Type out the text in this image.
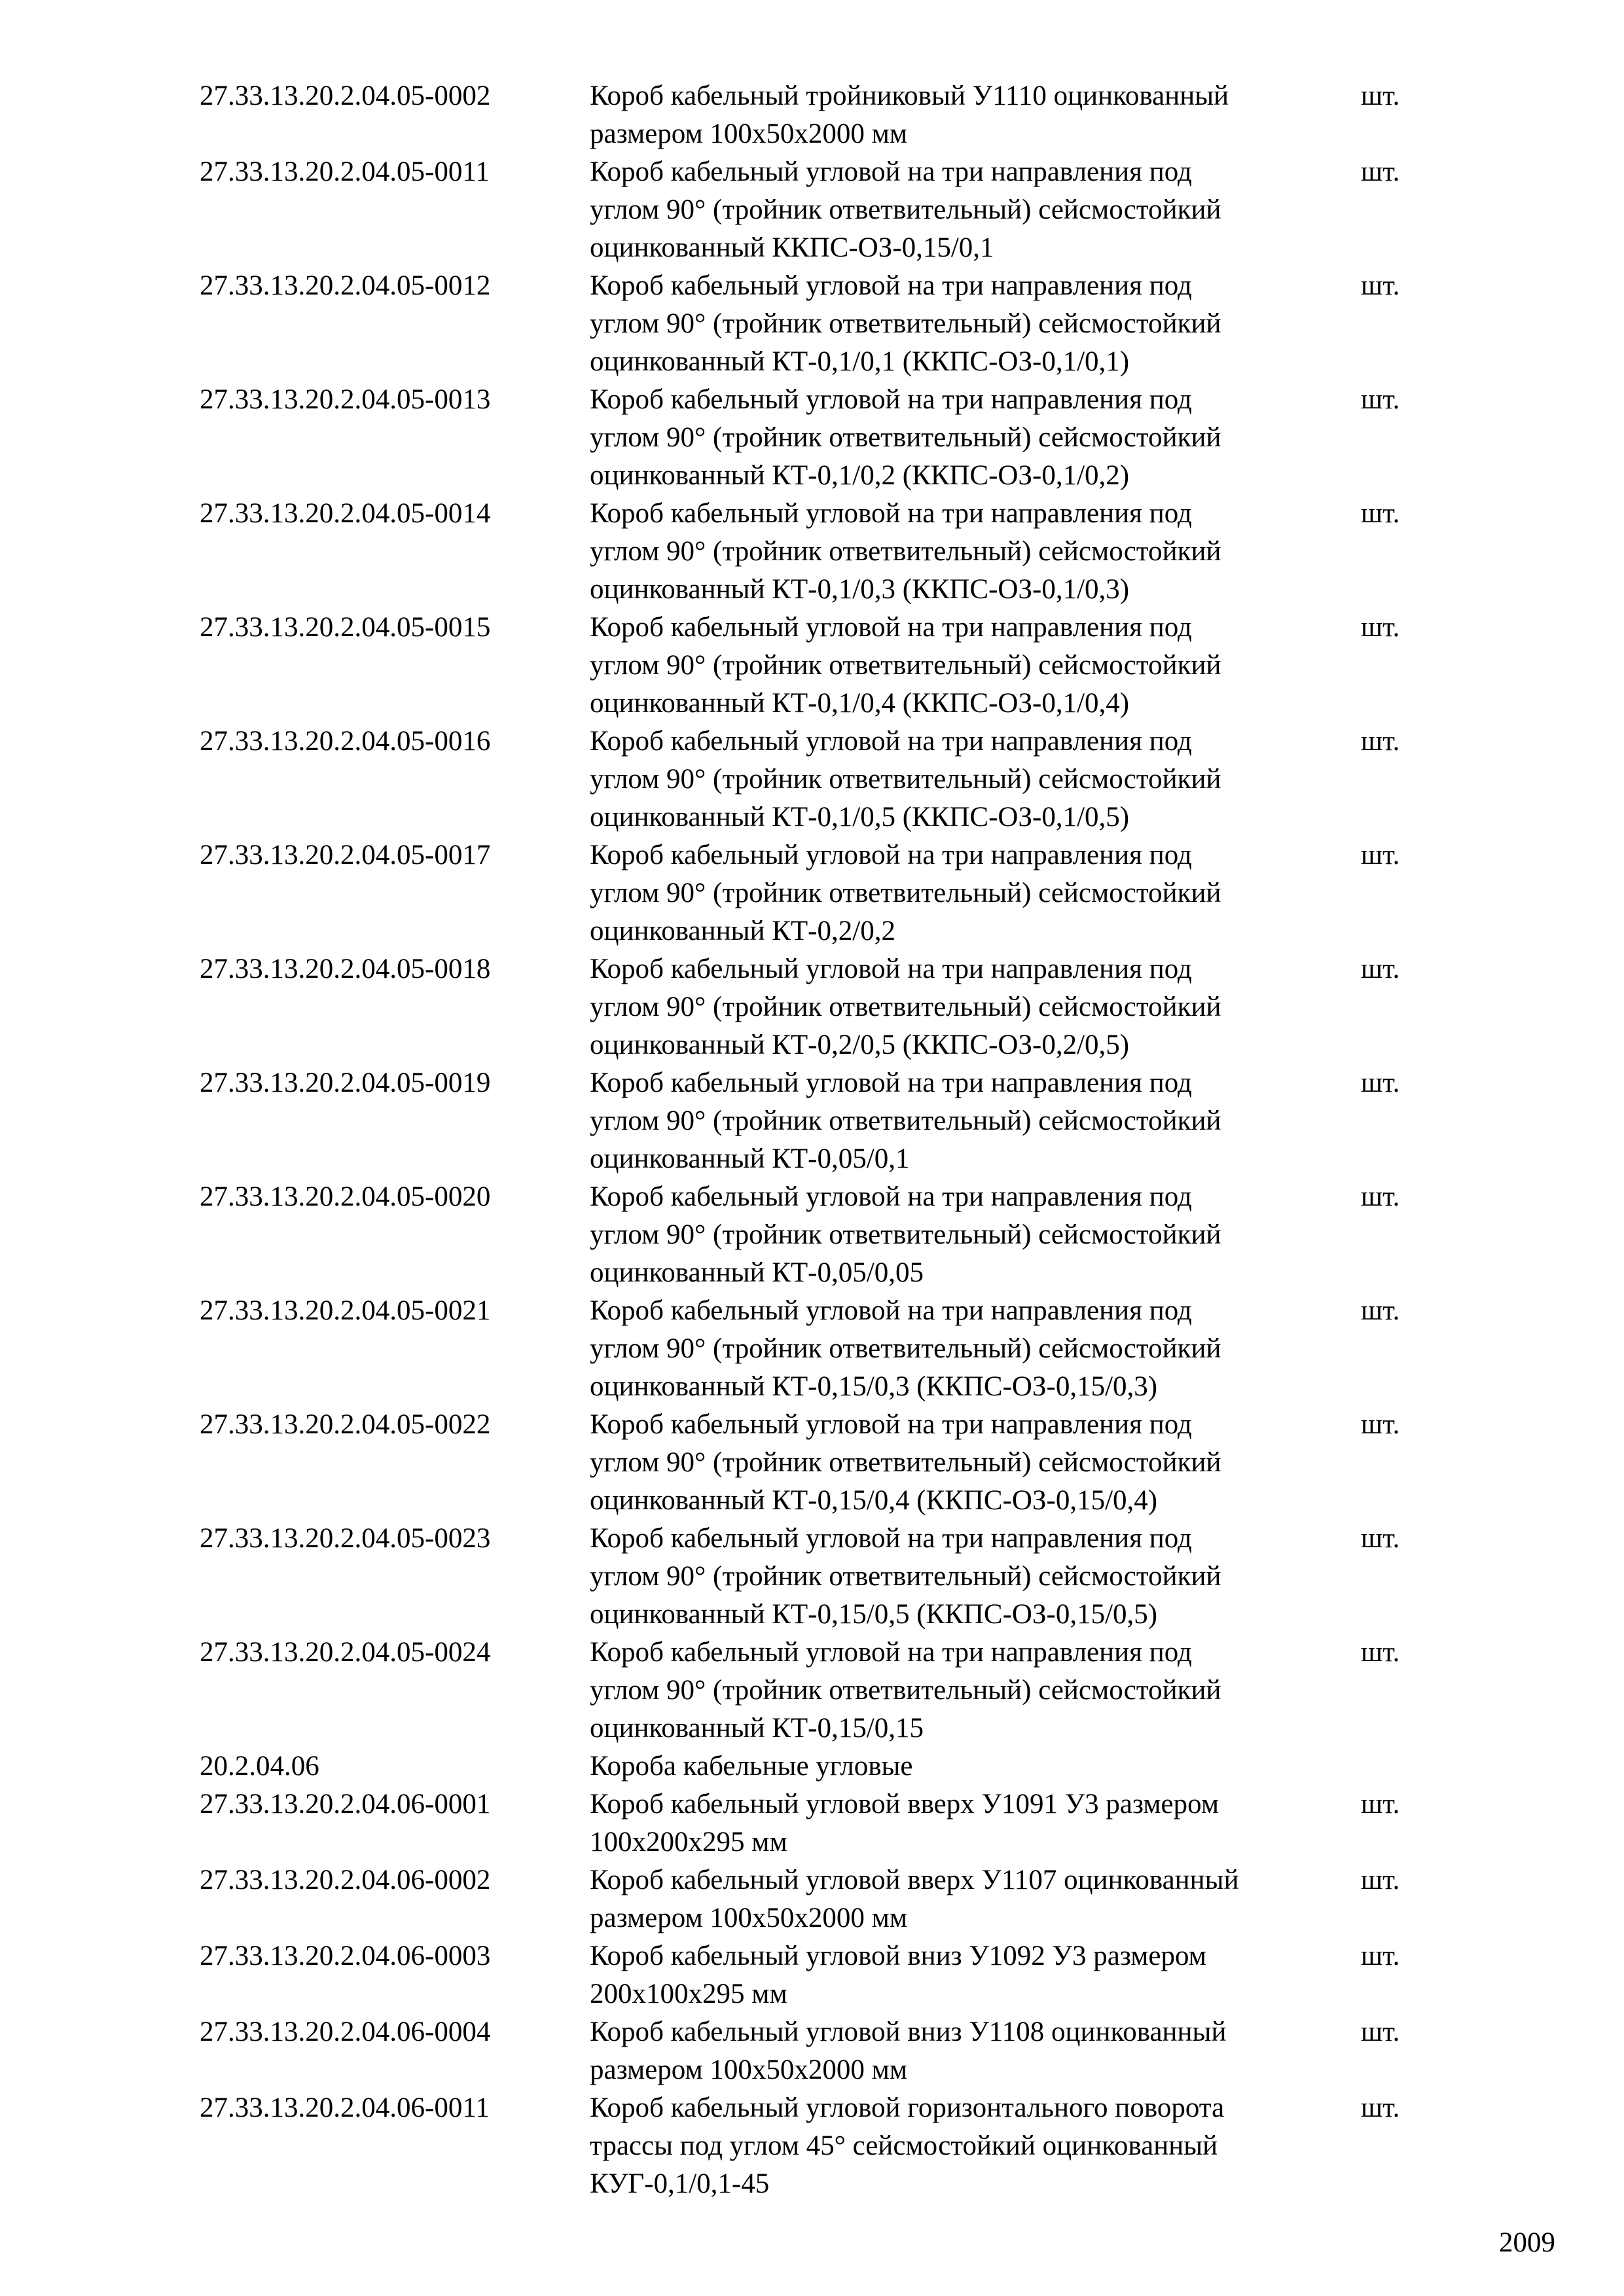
27.33.13.20.2.04.05-0002	Короб кабельный тройниковый У1110 оцинкованный
размером 100х50х2000 мм
шт.
27.33.13.20.2.04.05-0011	Короб кабельный угловой на три направления под
углом 90° (тройник ответвительный) сейсмостойкий
оцинкованный ККПС-ОЗ-0,15/0,1
шт.
27.33.13.20.2.04.05-0012	Короб кабельный угловой на три направления под
углом 90° (тройник ответвительный) сейсмостойкий
оцинкованный КТ-0,1/0,1 (ККПС-ОЗ-0,1/0,1)
шт.
27.33.13.20.2.04.05-0013	Короб кабельный угловой на три направления под
углом 90° (тройник ответвительный) сейсмостойкий
оцинкованный КТ-0,1/0,2 (ККПС-ОЗ-0,1/0,2)
шт.
27.33.13.20.2.04.05-0014	Короб кабельный угловой на три направления под
углом 90° (тройник ответвительный) сейсмостойкий
оцинкованный КТ-0,1/0,3 (ККПС-ОЗ-0,1/0,3)
шт.
27.33.13.20.2.04.05-0015	Короб кабельный угловой на три направления под
углом 90° (тройник ответвительный) сейсмостойкий
оцинкованный КТ-0,1/0,4 (ККПС-ОЗ-0,1/0,4)
шт.
27.33.13.20.2.04.05-0016	Короб кабельный угловой на три направления под
углом 90° (тройник ответвительный) сейсмостойкий
оцинкованный КТ-0,1/0,5 (ККПС-ОЗ-0,1/0,5)
шт.
27.33.13.20.2.04.05-0017	Короб кабельный угловой на три направления под
углом 90° (тройник ответвительный) сейсмостойкий
оцинкованный КТ-0,2/0,2
шт.
27.33.13.20.2.04.05-0018	Короб кабельный угловой на три направления под
углом 90° (тройник ответвительный) сейсмостойкий
оцинкованный КТ-0,2/0,5 (ККПС-ОЗ-0,2/0,5)
шт.
27.33.13.20.2.04.05-0019	Короб кабельный угловой на три направления под
углом 90° (тройник ответвительный) сейсмостойкий
оцинкованный КТ-0,05/0,1
шт.
27.33.13.20.2.04.05-0020	Короб кабельный угловой на три направления под
углом 90° (тройник ответвительный) сейсмостойкий
оцинкованный КТ-0,05/0,05
шт.
27.33.13.20.2.04.05-0021	Короб кабельный угловой на три направления под
углом 90° (тройник ответвительный) сейсмостойкий
оцинкованный КТ-0,15/0,3 (ККПС-ОЗ-0,15/0,3)
шт.
27.33.13.20.2.04.05-0022	Короб кабельный угловой на три направления под
углом 90° (тройник ответвительный) сейсмостойкий
оцинкованный КТ-0,15/0,4 (ККПС-ОЗ-0,15/0,4)
шт.
27.33.13.20.2.04.05-0023	Короб кабельный угловой на три направления под
углом 90° (тройник ответвительный) сейсмостойкий
оцинкованный КТ-0,15/0,5 (ККПС-ОЗ-0,15/0,5)
шт.
27.33.13.20.2.04.05-0024	Короб кабельный угловой на три направления под
углом 90° (тройник ответвительный) сейсмостойкий
оцинкованный КТ-0,15/0,15
шт.
20.2.04.06	Короба кабельные угловые
27.33.13.20.2.04.06-0001	Короб кабельный угловой вверх У1091 У3 размером
100х200х295 мм
шт.
27.33.13.20.2.04.06-0002	Короб кабельный угловой вверх У1107 оцинкованный
размером 100х50х2000 мм
шт.
27.33.13.20.2.04.06-0003	Короб кабельный угловой вниз У1092 У3 размером
200х100х295 мм
шт.
27.33.13.20.2.04.06-0004	Короб кабельный угловой вниз У1108 оцинкованный
размером 100х50х2000 мм
шт.
27.33.13.20.2.04.06-0011	Короб кабельный угловой горизонтального поворота
трассы под углом 45° сейсмостойкий оцинкованный
КУГ-0,1/0,1-45
шт.
2009
